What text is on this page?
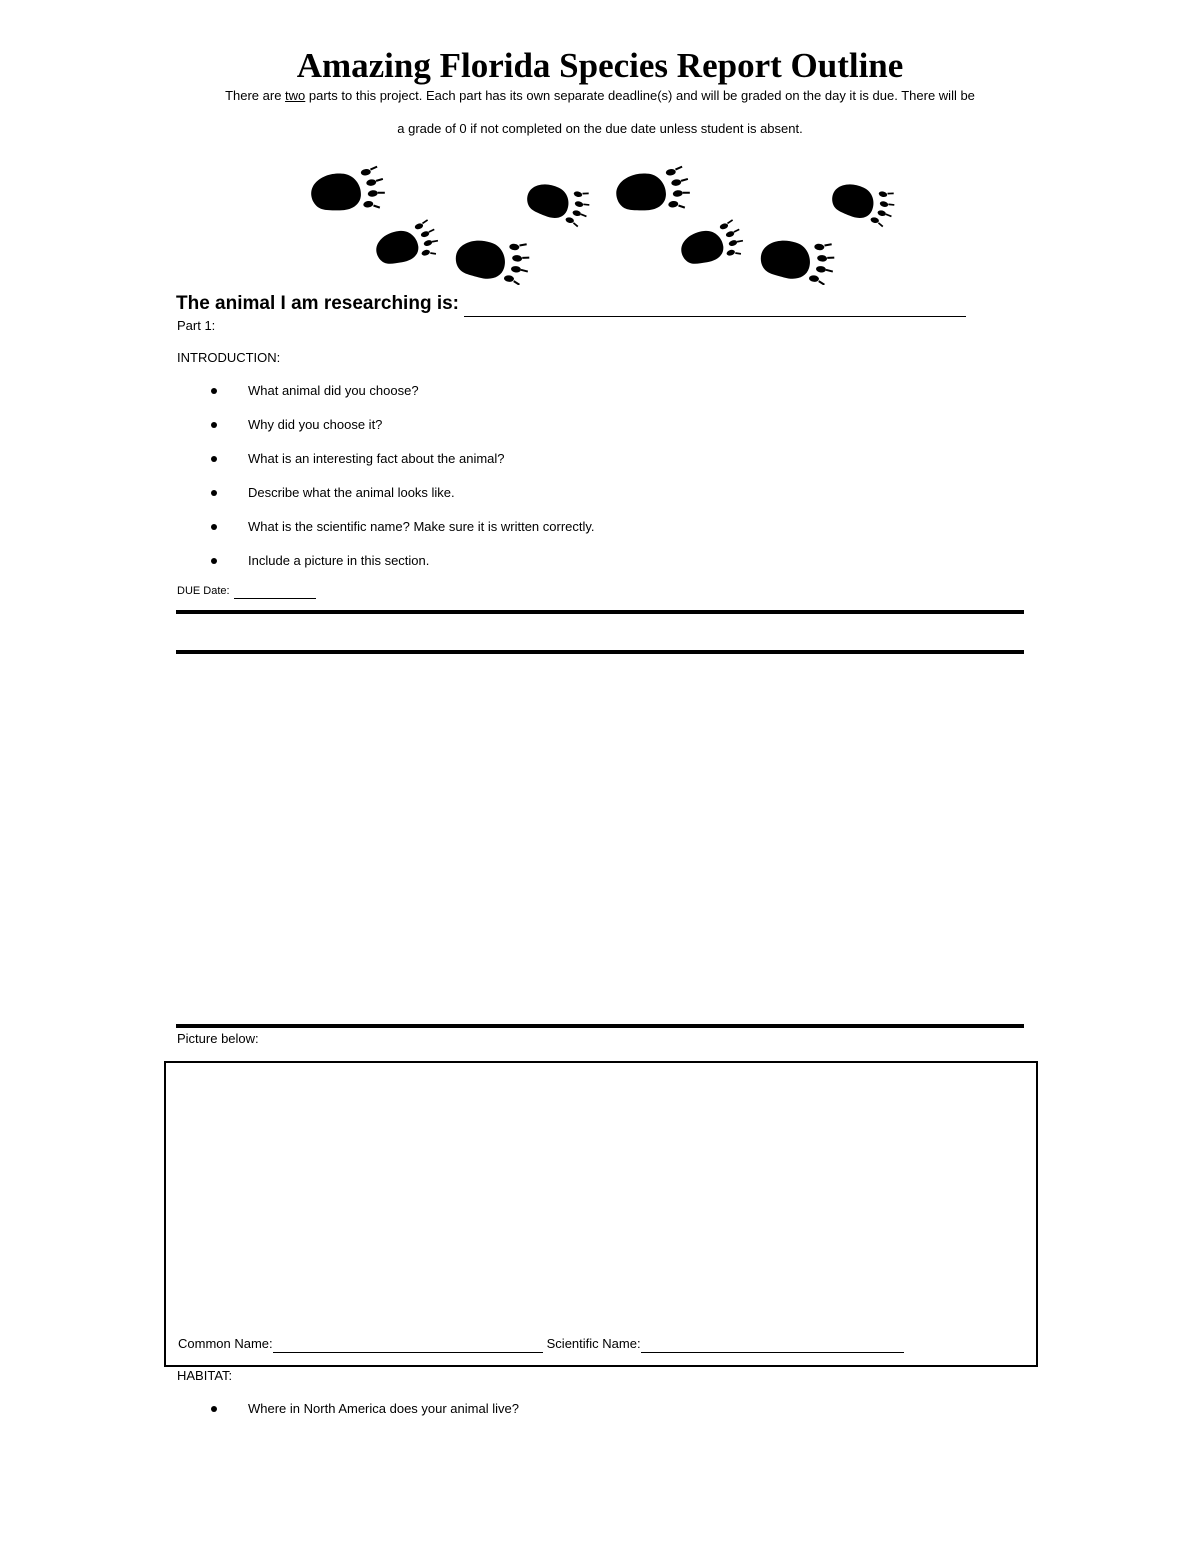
Amazing Florida Species Report Outline
There are two parts to this project. Each part has its own separate deadline(s) and will be graded on the day it is due. There will be
a grade of 0 if not completed on the due date unless student is absent.
The animal I am researching is:
Part 1:
INTRODUCTION:
What animal did you choose?
Why did you choose it?
What is an interesting fact about the animal?
Describe what the animal looks like.
What is the scientific name? Make sure it is written correctly.
Include a picture in this section.
DUE Date:
Picture below:
Common Name:	Scientific Name:
HABITAT:
Where in North America does your animal live?
